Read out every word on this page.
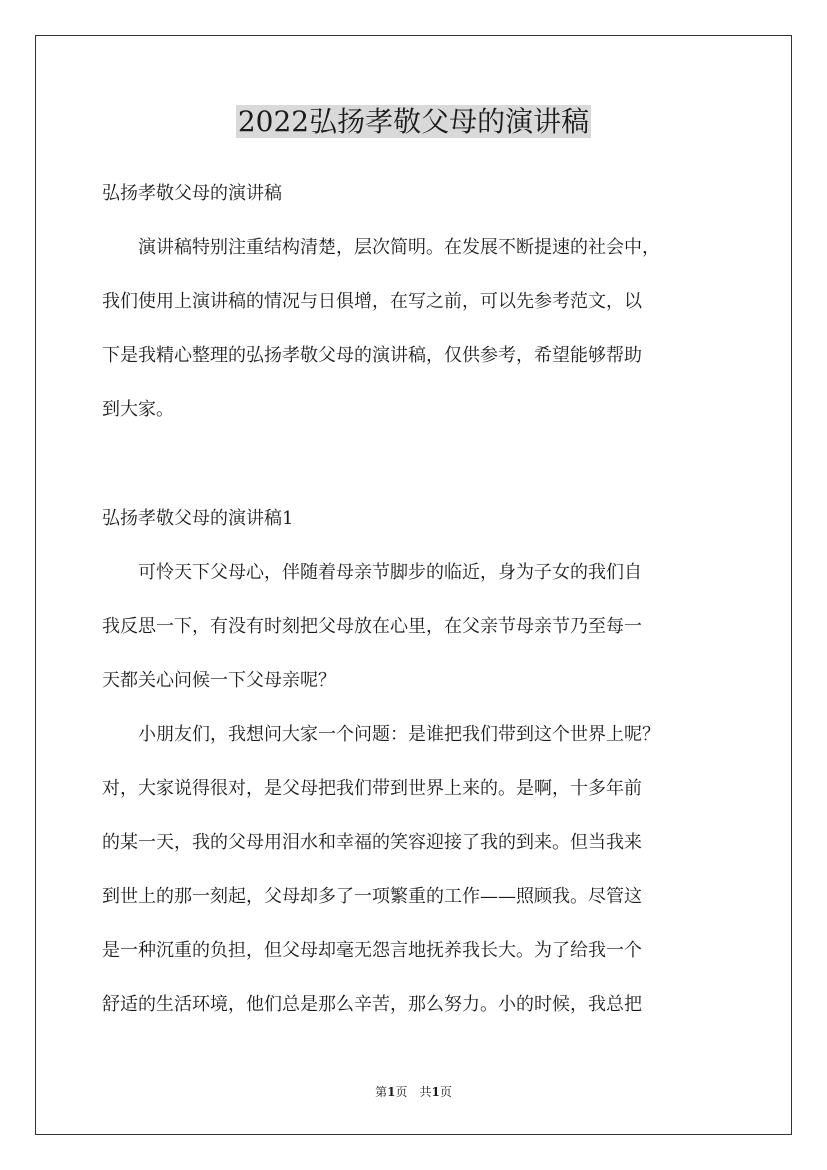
2022弘扬孝敬父母的演讲稿

弘扬孝敬父母的演讲稿

　　演讲稿特别注重结构清楚，层次简明。在发展不断提速的社会中，

我们使用上演讲稿的情况与日俱增，在写之前，可以先参考范文，以

下是我精心整理的弘扬孝敬父母的演讲稿，仅供参考，希望能够帮助

到大家。

弘扬孝敬父母的演讲稿1

　　可怜天下父母心，伴随着母亲节脚步的临近，身为子女的我们自

我反思一下，有没有时刻把父母放在心里，在父亲节母亲节乃至每一

天都关心问候一下父母亲呢？

　　小朋友们，我想问大家一个问题：是谁把我们带到这个世界上呢？

对，大家说得很对，是父母把我们带到世界上来的。是啊，十多年前

的某一天，我的父母用泪水和幸福的笑容迎接了我的到来。但当我来

到世上的那一刻起，父母却多了一项繁重的工作——照顾我。尽管这

是一种沉重的负担，但父母却毫无怨言地抚养我长大。为了给我一个

舒适的生活环境，他们总是那么辛苦，那么努力。小的时候，我总把

第1页　共1页
